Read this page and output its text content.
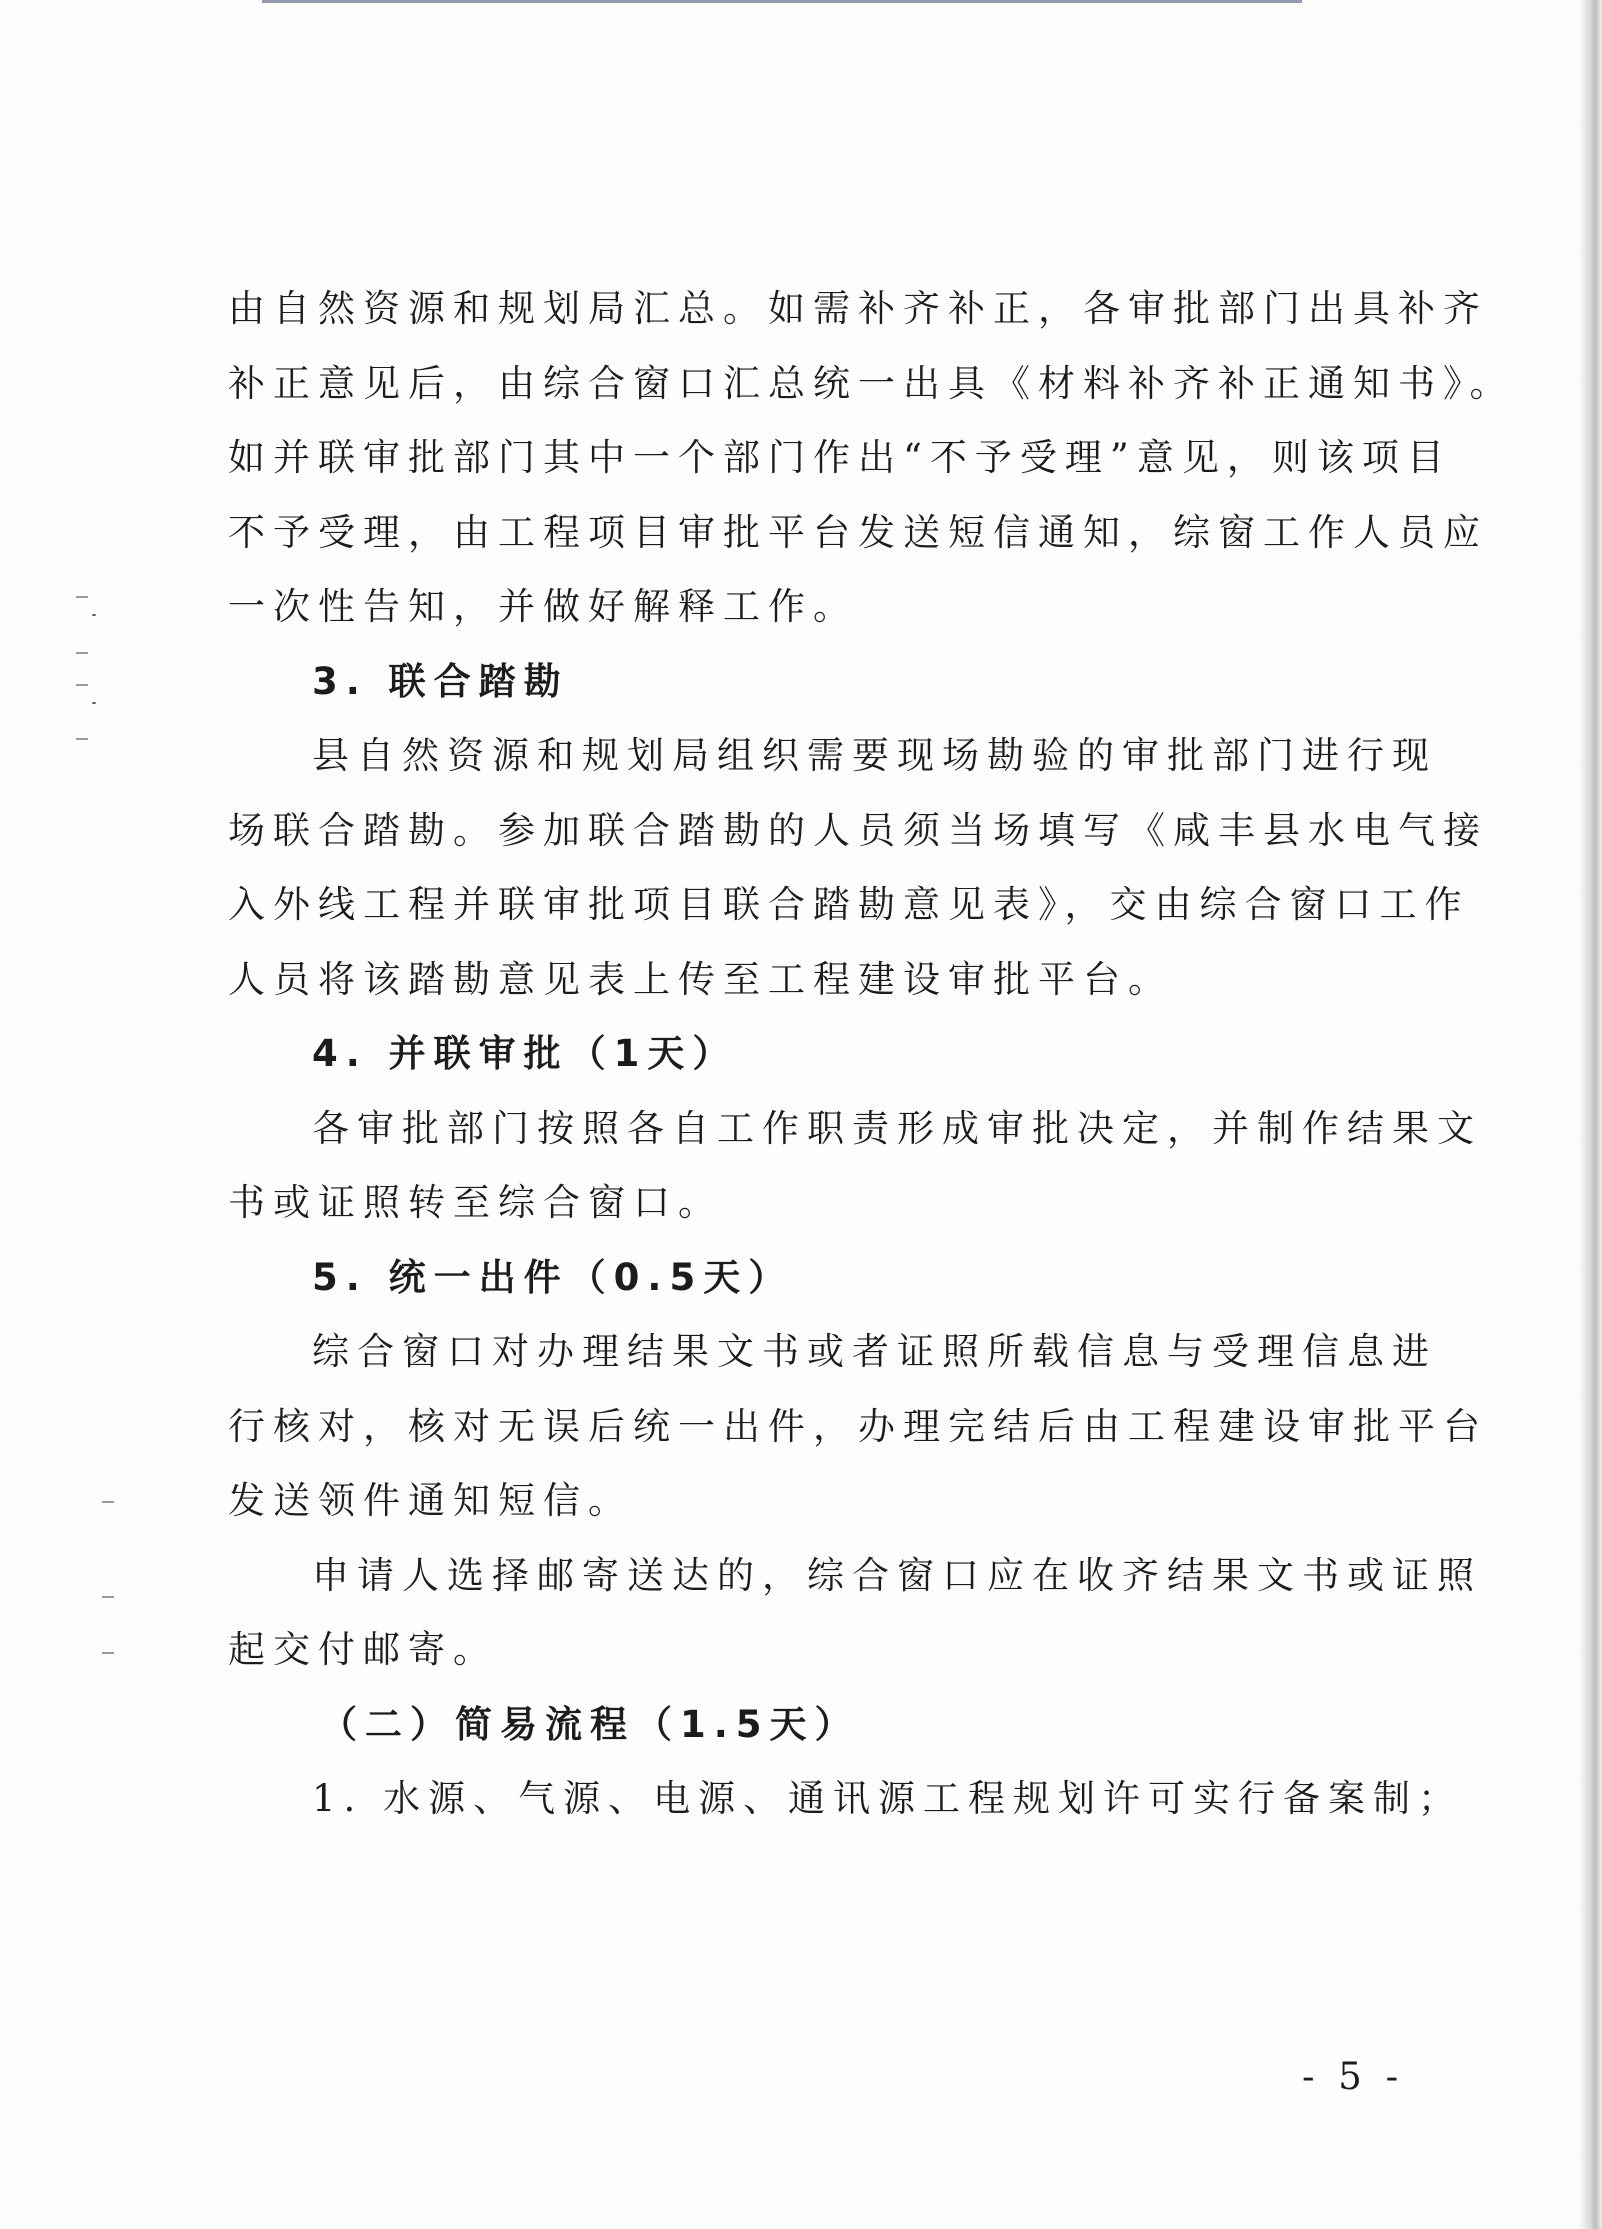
由自然资源和规划局汇总。如需补齐补正，各审批部门出具补齐
补正意见后，由综合窗口汇总统一出具《材料补齐补正通知书》。
如并联审批部门其中一个部门作出“不予受理”意见，则该项目
不予受理，由工程项目审批平台发送短信通知，综窗工作人员应
一次性告知，并做好解释工作。
3. 联合踏勘
县自然资源和规划局组织需要现场勘验的审批部门进行现
场联合踏勘。参加联合踏勘的人员须当场填写《咸丰县水电气接
入外线工程并联审批项目联合踏勘意见表》，交由综合窗口工作
人员将该踏勘意见表上传至工程建设审批平台。
4. 并联审批（1天）
各审批部门按照各自工作职责形成审批决定，并制作结果文
书或证照转至综合窗口。
5. 统一出件（0.5天）
综合窗口对办理结果文书或者证照所载信息与受理信息进
行核对，核对无误后统一出件，办理完结后由工程建设审批平台
发送领件通知短信。
申请人选择邮寄送达的，综合窗口应在收齐结果文书或证照
起交付邮寄。
（二）简易流程（1.5天）
1. 水源、气源、电源、通讯源工程规划许可实行备案制；
- 5 -
